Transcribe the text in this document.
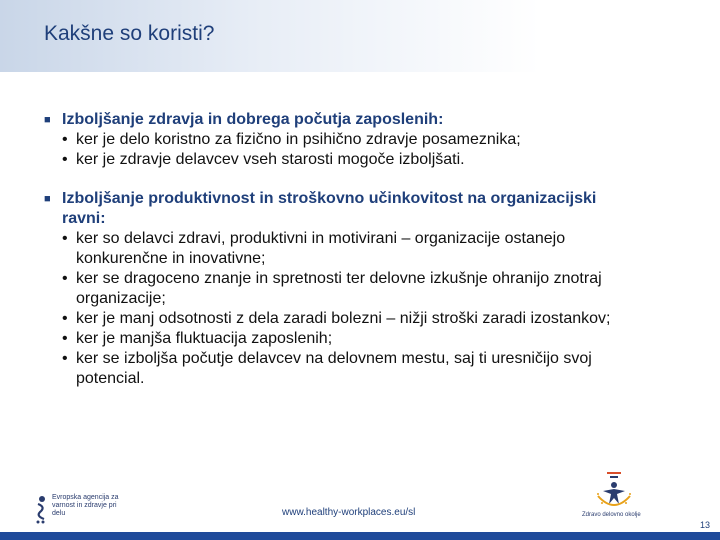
Kakšne so koristi?
■ Izboljšanje zdravja in dobrega počutja zaposlenih:
• ker je delo koristno za fizično in psihično zdravje posameznika;
• ker je zdravje delavcev vseh starosti mogoče izboljšati.
■ Izboljšanje produktivnost in stroškovno učinkovitost na organizacijski ravni:
• ker so delavci zdravi, produktivni in motivirani – organizacije ostanejo konkurenčne in inovativne;
• ker se dragoceno znanje in spretnosti ter delovne izkušnje ohranijo znotraj organizacije;
• ker je manj odsotnosti z dela zaradi bolezni – nižji stroški zaradi izostankov;
• ker je manjša fluktuacija zaposlenih;
• ker se izboljša počutje delavcev na delovnem mestu, saj ti uresničijo svoj potencial.
Evropska agencija za varnost in zdravje pri delu	www.healthy-workplaces.eu/sl	Zdravo delovno okolje
13
